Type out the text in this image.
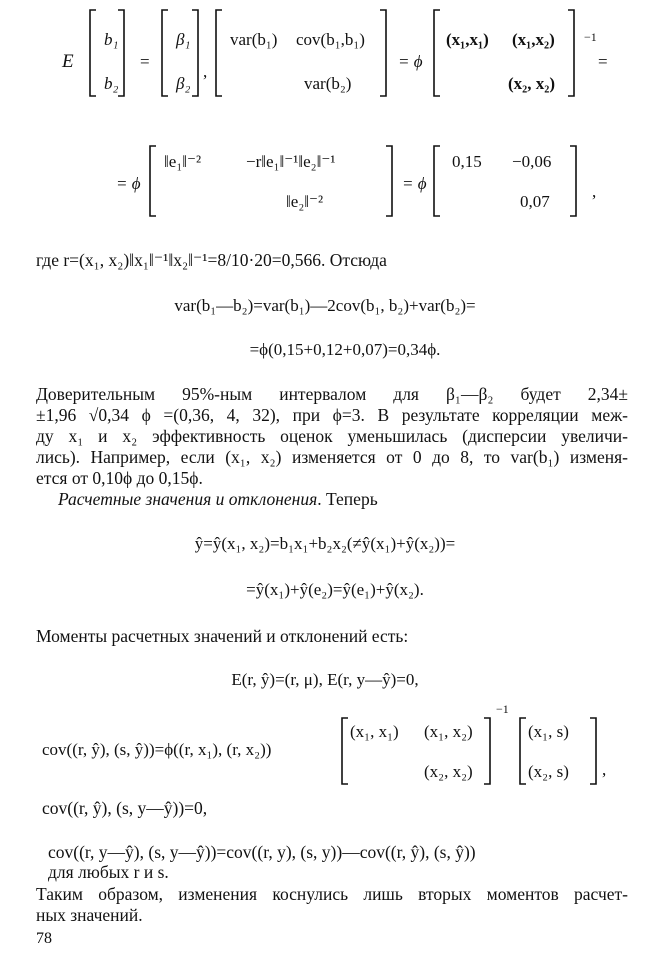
E
b₁
b₂
=
β₁
β₂
,
var(b₁) cov(b₁,b₁)
var(b₂)
= ϕ
(x₁,x₁) (x₁,x₂)
(x₂, x₂)
−1
=
= ϕ
‖e₁‖⁻²	−r‖e₁‖⁻¹‖e₂‖⁻¹
‖e₂‖⁻²
= ϕ
0,15 −0,06
0,07
,
где r=(x₁, x₂)‖x₁‖⁻¹‖x₂‖⁻¹=8/10·20=0,566. Отсюда
var(b₁—b₂)=var(b₁)—2cov(b₁, b₂)+var(b₂)=
=ϕ(0,15+0,12+0,07)=0,34ϕ.
Доверительным 95%-ным интервалом для β₁—β₂ будет 2,34±
±1,96 √0,34 ϕ =(0,36, 4, 32), при ϕ=3. В результате корреляции меж-
ду x₁ и x₂ эффективность оценок уменьшилась (дисперсии увеличи-
лись). Например, если (x₁, x₂) изменяется от 0 до 8, то var(b₁) изменя-
ется от 0,10ϕ до 0,15ϕ.
Расчетные значения и отклонения. Теперь
ŷ=ŷ(x₁, x₂)=b₁x₁+b₂x₂(≠ŷ(x₁)+ŷ(x₂))=
=ŷ(x₁)+ŷ(e₂)=ŷ(e₁)+ŷ(x₂).
Моменты расчетных значений и отклонений есть:
E(r, ŷ)=(r, μ), E(r, y—ŷ)=0,
cov((r, ŷ), (s, ŷ))=ϕ((r, x₁), (r, x₂))
(x₁, x₁) (x₁, x₂)
(x₂, x₂)
−1
(x₁, s)
(x₂, s) ,
cov((r, ŷ), (s, y—ŷ))=0,
cov((r, y—ŷ), (s, y—ŷ))=cov((r, y), (s, y))—cov((r, ŷ), (s, ŷ))
для любых r и s.
Таким образом, изменения коснулись лишь вторых моментов расчет-
ных значений.
78
